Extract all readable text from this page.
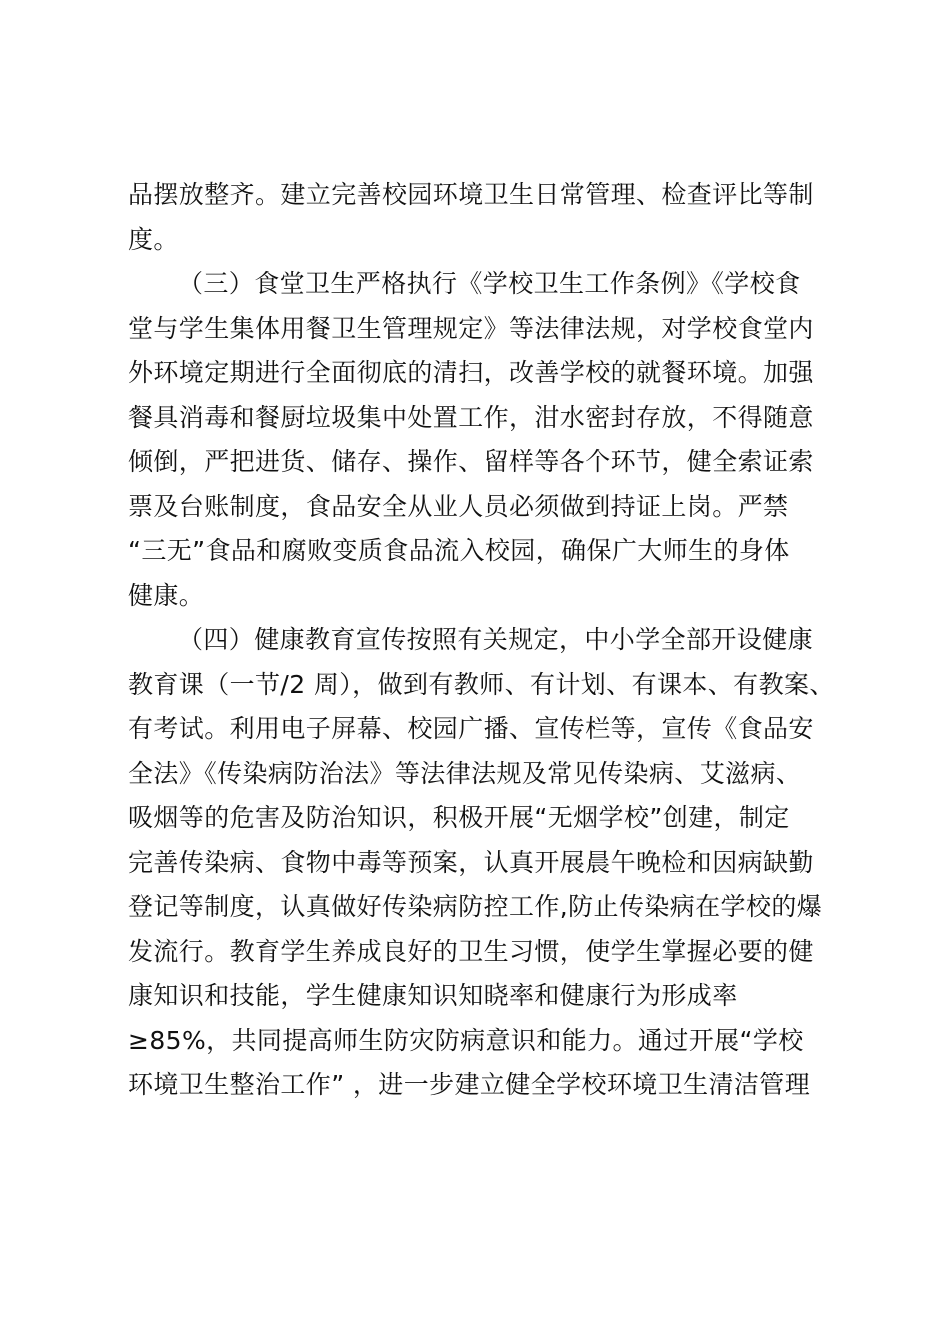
品摆放整齐。建立完善校园环境卫生日常管理、检查评比等制
度。
（三）食堂卫生严格执行《学校卫生工作条例》《学校食
堂与学生集体用餐卫生管理规定》等法律法规，对学校食堂内
外环境定期进行全面彻底的清扫，改善学校的就餐环境。加强
餐具消毒和餐厨垃圾集中处置工作，泔水密封存放，不得随意
倾倒，严把进货、储存、操作、留样等各个环节，健全索证索
票及台账制度，食品安全从业人员必须做到持证上岗。严禁
“三无”食品和腐败变质食品流入校园，确保广大师生的身体
健康。
（四）健康教育宣传按照有关规定，中小学全部开设健康
教育课（一节/2 周），做到有教师、有计划、有课本、有教案、
有考试。利用电子屏幕、校园广播、宣传栏等，宣传《食品安
全法》《传染病防治法》等法律法规及常见传染病、艾滋病、
吸烟等的危害及防治知识，积极开展“无烟学校”创建，制定
完善传染病、食物中毒等预案，认真开展晨午晚检和因病缺勤
登记等制度，认真做好传染病防控工作,防止传染病在学校的爆
发流行。教育学生养成良好的卫生习惯，使学生掌握必要的健
康知识和技能，学生健康知识知晓率和健康行为形成率
≥85%，共同提高师生防灾防病意识和能力。通过开展“学校
环境卫生整治工作” ，进一步建立健全学校环境卫生清洁管理
